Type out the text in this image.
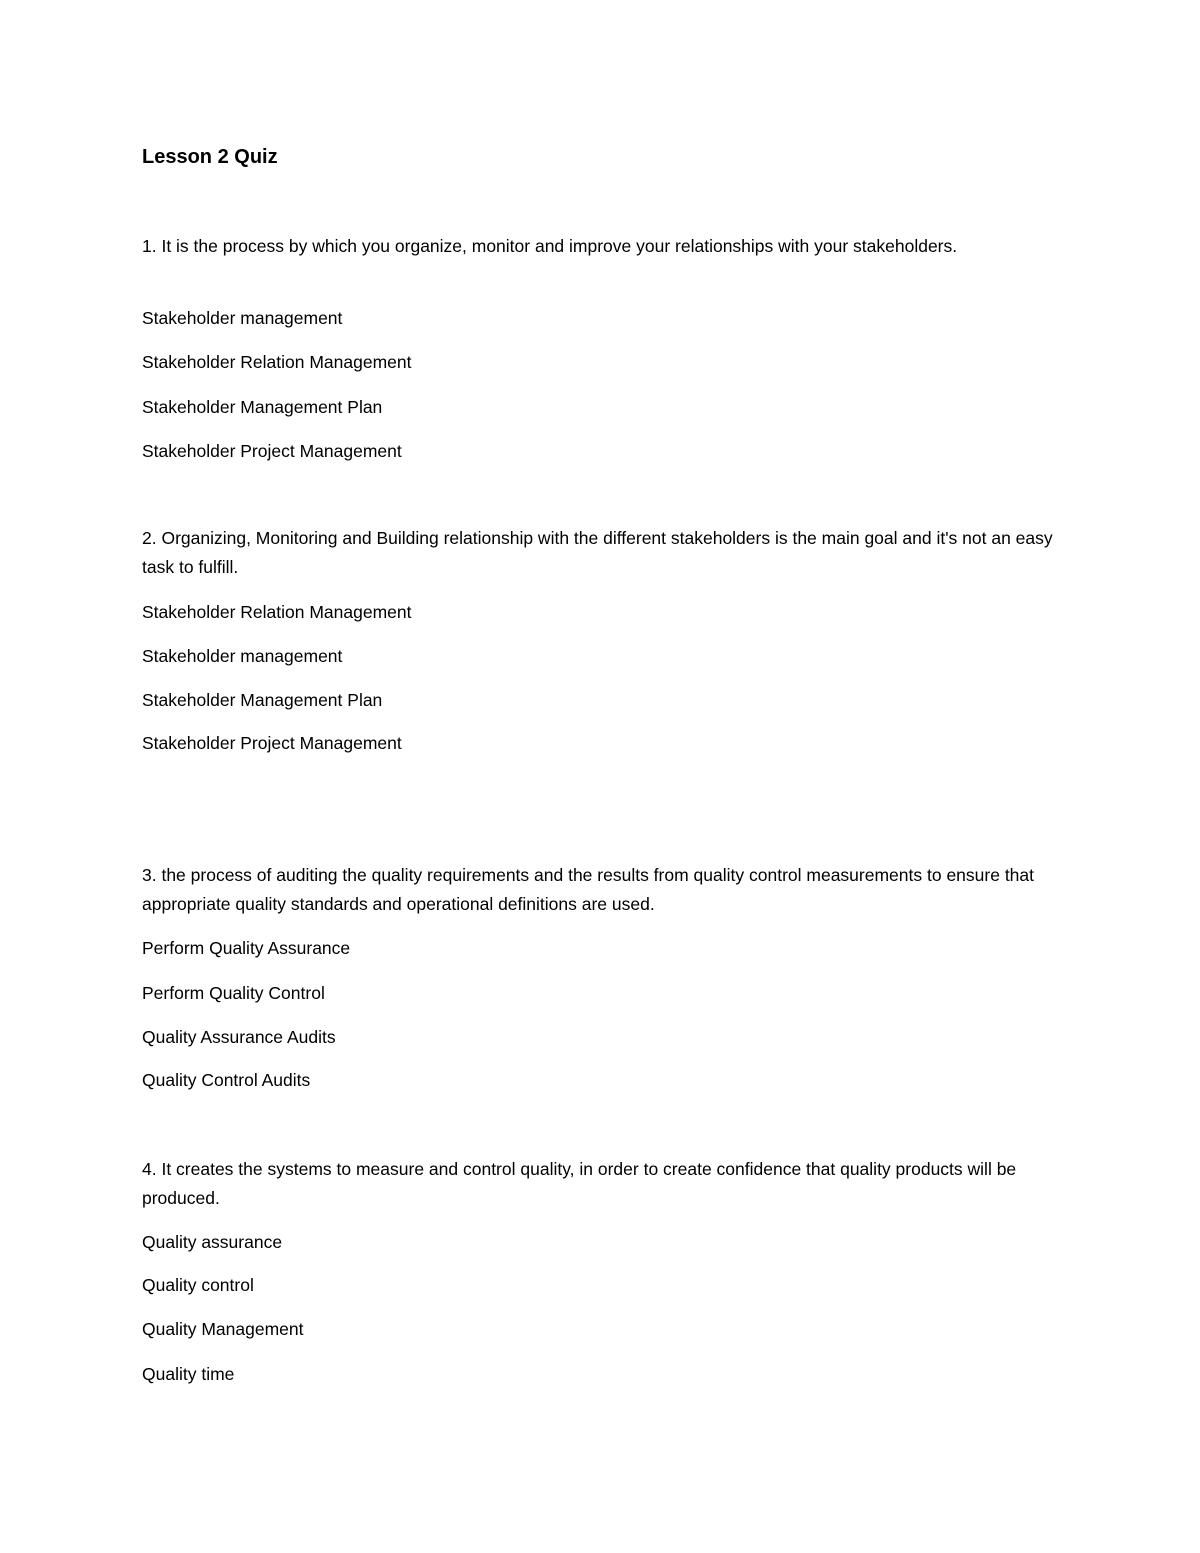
Lesson 2 Quiz
1. It is the process by which you organize, monitor and improve your relationships with your stakeholders.
Stakeholder management
Stakeholder Relation Management
Stakeholder Management Plan
Stakeholder Project Management
2. Organizing, Monitoring and Building relationship with the different stakeholders is the main goal and it's not an easy task to fulfill.
Stakeholder Relation Management
Stakeholder management
Stakeholder Management Plan
Stakeholder Project Management
3. the process of auditing the quality requirements and the results from quality control measurements to ensure that appropriate quality standards and operational definitions are used.
Perform Quality Assurance
Perform Quality Control
Quality Assurance Audits
Quality Control Audits
4. It creates the systems to measure and control quality, in order to create confidence that quality products will be produced.
Quality assurance
Quality control
Quality Management
Quality time
